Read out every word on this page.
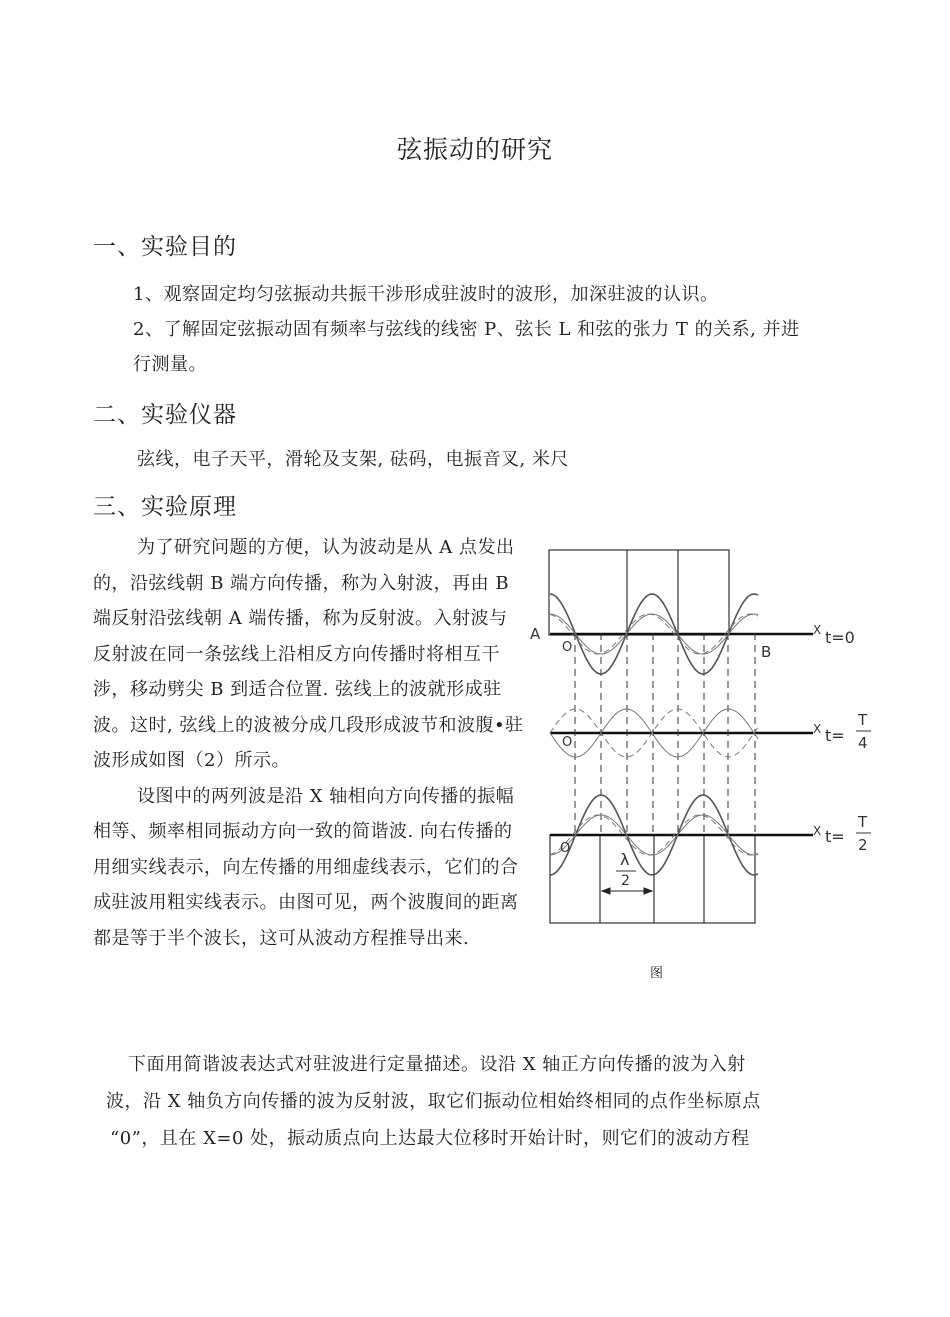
弦振动的研究
一、实验目的
1、观察固定均匀弦振动共振干涉形成驻波时的波形，加深驻波的认识。
2、了解固定弦振动固有频率与弦线的线密 P、弦长 L 和弦的张力 T 的关系, 并进
行测量。
二、实验仪器
弦线，电子天平，滑轮及支架, 砝码，电振音叉, 米尺
三、实验原理

为了研究问题的方便，认为波动是从 A 点发出的，沿弦线朝 B 端方向传播，称为入射波，再由 B 端反射沿弦线朝 A 端传播，称为反射波。入射波与反射波在同一条弦线上沿相反方向传播时将相互干涉，移动劈尖 B 到适合位置. 弦线上的波就形成驻波。这时, 弦线上的波被分成几段形成波节和波腹•驻波形成如图（2）所示。

设图中的两列波是沿 X 轴相向方向传播的振幅相等、频率相同振动方向一致的简谐波. 向右传播的用细实线表示，向左传播的用细虚线表示，它们的合成驻波用粗实线表示。由图可见，两个波腹间的距离都是等于半个波长，这可从波动方程推导出来.

A
B
O
O
O
X
X
X
t=0
t=
T
4
t=
T
2
λ
2
图
下面用简谐波表达式对驻波进行定量描述。设沿 X 轴正方向传播的波为入射
波，沿 X 轴负方向传播的波为反射波，取它们振动位相始终相同的点作坐标原点
“0”，且在 X=0 处，振动质点向上达最大位移时开始计时，则它们的波动方程
